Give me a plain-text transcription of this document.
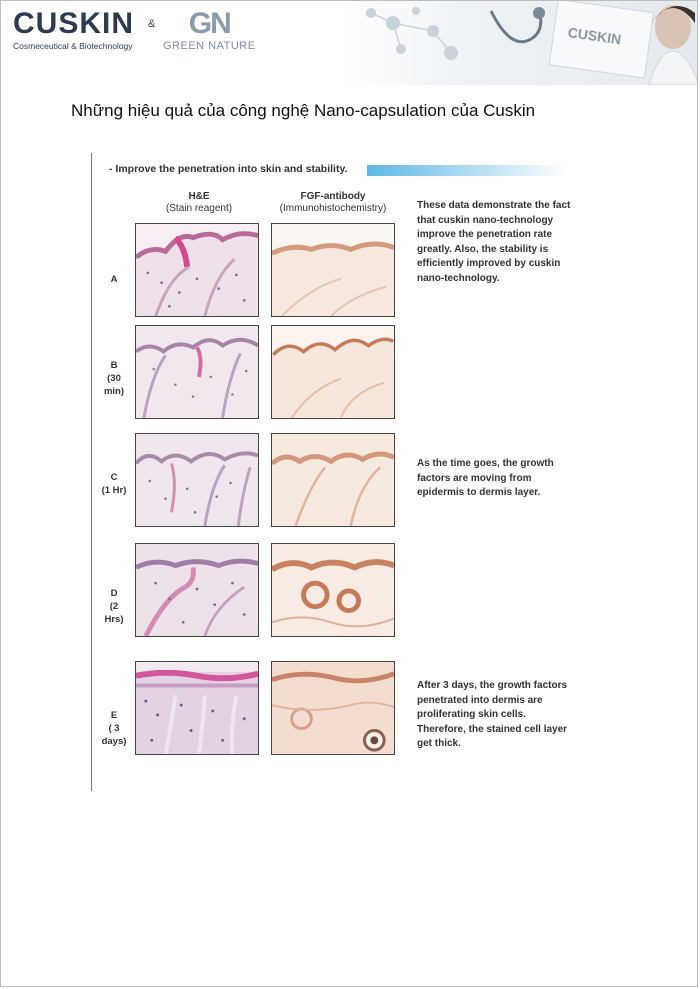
CUSKIN
Cosmeceutical & Biotechnology
&	GN
GREEN NATURE	CUSKIN
Những hiệu quả của công nghệ Nano-capsulation của Cuskin
- Improve the penetration into skin and stability.
H&E
(Stain reagent)
FGF-antibody
(Immunohistochemistry)
A
These data demonstrate the fact that cuskin nano-technology improve the penetration rate greatly. Also, the stability is efficiently improved by cuskin nano-technology.
B
(30 min)
C
(1 Hr)
As the time goes, the growth factors are moving from epidermis to dermis layer.
D
(2 Hrs)
E
( 3 days)
After 3 days, the growth factors penetrated into dermis are proliferating skin cells. Therefore, the stained cell layer get thick.
